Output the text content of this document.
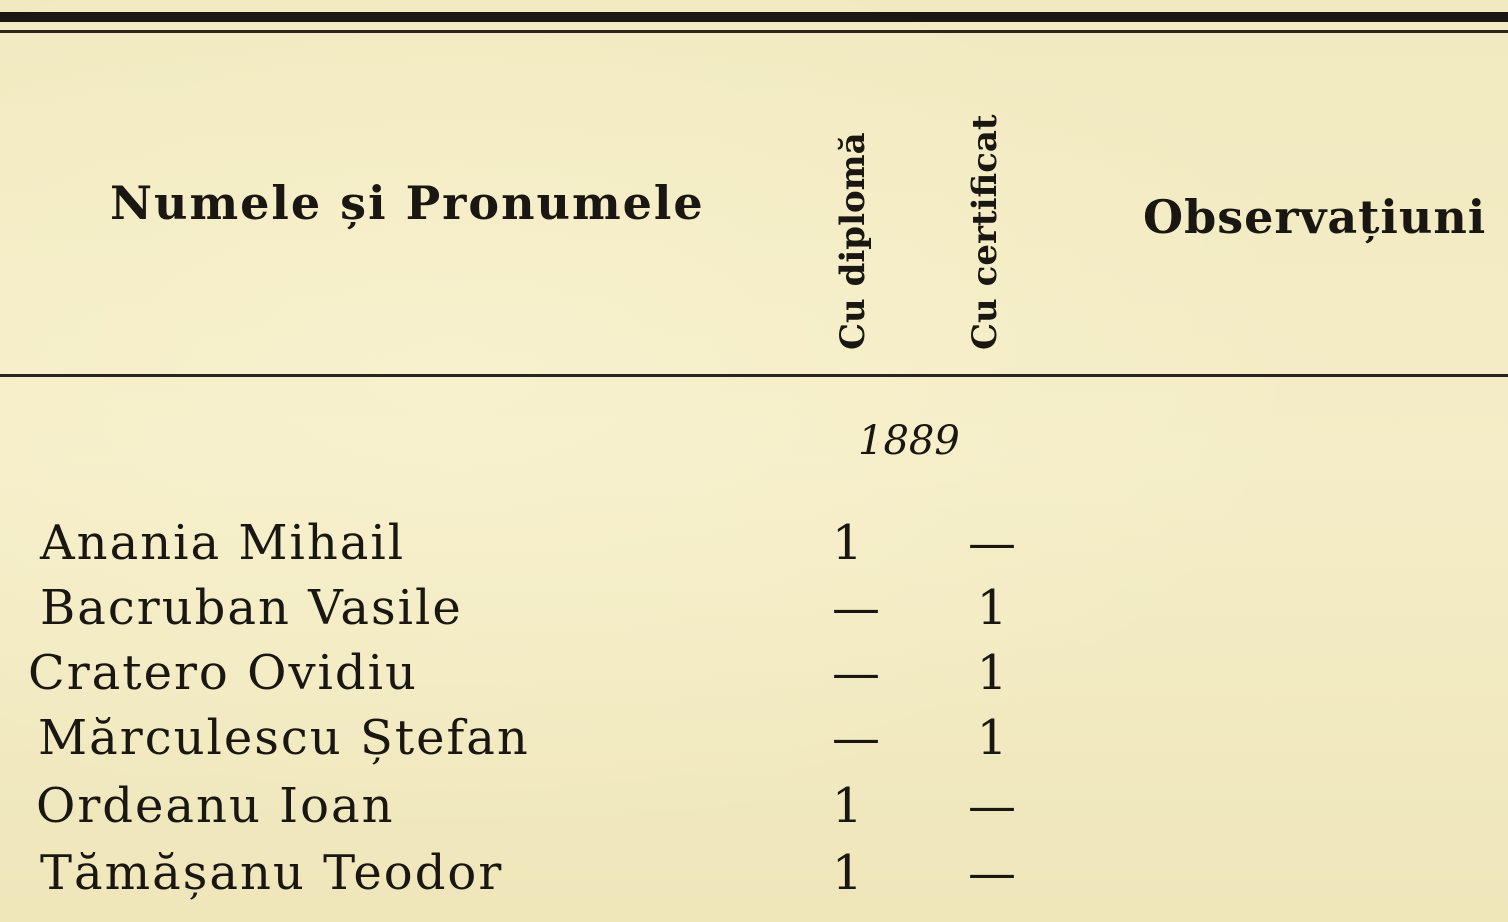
Numele și Pronumele	Cu diplomă	Cu certificat	Observațiuni
1889
Anania Mihail	1	—
Bacruban Vasile	—	1
Cratero Ovidiu	—	1
Mărculescu Ștefan	—	1
Ordeanu Ioan	1	—
Tămășanu Teodor	1	—
